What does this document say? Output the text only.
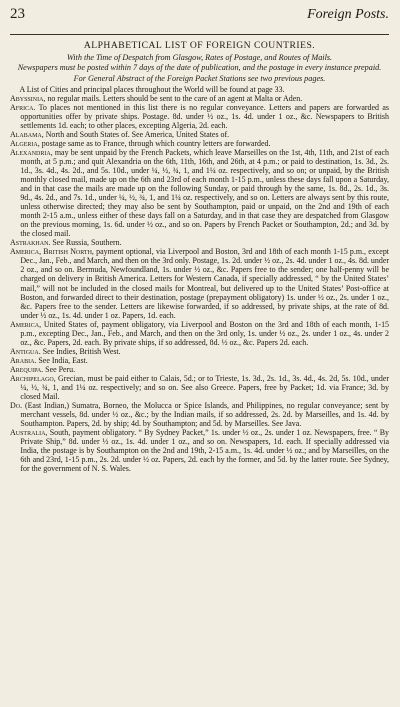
23	Foreign Posts.
ALPHABETICAL LIST OF FOREIGN COUNTRIES.
With the Time of Despatch from Glasgow, Rates of Postage, and Routes of Mails.
Newspapers must be posted within 7 days of the date of publication, and the postage in every instance prepaid.
For General Abstract of the Foreign Packet Stations see two previous pages.
A List of Cities and principal places throughout the World will be found at page 33.
Abyssinia, no regular mails. Letters should be sent to the care of an agent at Malta or Aden.
Africa. To places not mentioned in this list there is no regular conveyance. Letters and papers are forwarded as opportunities offer by private ships. Postage. 8d. under ½ oz., 1s. 4d. under 1 oz., &c. Newspapers to British settlements 1d. each; to other places, excepting Algeria, 2d. each.
Alabama, North and South States of. See America, United States of.
Algeria, postage same as to France, through which country letters are forwarded.
Alexandria, may be sent unpaid by the French Packets, which leave Marseilles on the 1st, 4th, 11th, and 21st of each month, at 5 p.m.; and quit Alexandria on the 6th, 11th, 16th, and 26th, at 4 p.m.; or paid to destination, 1s. 3d., 2s. 1d., 3s. 4d., 4s. 2d., and 5s. 10d., under ¼, ½, ¾, 1, and 1¼ oz. respectively, and so on; or unpaid, by the British monthly closed mail, made up on the 6th and 23rd of each month 1-15 p.m., unless these days fall upon a Saturday, and in that case the mails are made up on the following Sunday, or paid through by the same, 1s. 8d., 2s. 1d., 3s. 9d., 4s. 2d., and 7s. 1d., under ¼, ½, ¾, 1, and 1¼ oz. respectively, and so on. Letters are always sent by this route, unless otherwise directed; they may also be sent by Southampton, paid or unpaid, on the 2nd and 19th of each month 2-15 a.m., unless either of these days fall on a Saturday, and in that case they are despatched from Glasgow on the previous morning, 1s. 6d. under ½ oz., and so on. Papers by French Packet or Southampton, 2d.; and 3d. by the closed mail.
Astrakhan. See Russia, Southern.
America, British North, payment optional, via Liverpool and Boston, 3rd and 18th of each month 1-15 p.m., except Dec., Jan., Feb., and March, and then on the 3rd only. Postage, 1s. 2d. under ½ oz., 2s. 4d. under 1 oz., 4s. 8d. under 2 oz., and so on. Bermuda, Newfoundland, 1s. under ½ oz., &c. Papers free to the sender; one half-penny will be charged on delivery in British America. Letters for Western Canada, if specially addressed, “ by the United States’ mail,” will not be included in the closed mails for Montreal, but delivered up to the United States’ Post-office at Boston, and forwarded direct to their destination, postage (prepayment obligatory) 1s. under ½ oz., 2s. under 1 oz., &c. Papers free to the sender. Letters are likewise forwarded, if so addressed, by private ships, at the rate of 8d. under ½ oz., 1s. 4d. under 1 oz. Papers, 1d. each.
America, United States of, payment obligatory, via Liverpool and Boston on the 3rd and 18th of each month, 1-15 p.m., excepting Dec., Jan., Feb., and March, and then on the 3rd only, 1s. under ½ oz., 2s. under 1 oz., 4s. under 2 oz., &c. Papers, 2d. each. By private ships, if so addressed, 8d. ½ oz., &c. Papers 2d. each.
Antigua. See Indies, British West.
Arabia. See India, East.
Arequipa. See Peru.
Archipelago, Grecian, must be paid either to Calais, 5d.; or to Trieste, 1s. 3d., 2s. 1d., 3s. 4d., 4s. 2d, 5s. 10d., under ¼, ½, ¾, 1, and 1¼ oz. respectively; and so on. See also Greece. Papers, free by Packet; 1d. via France; 3d. by closed Mail.
Do. (East Indian,) Sumatra, Borneo, the Molucca or Spice Islands, and Philippines, no regular conveyance; sent by merchant vessels, 8d. under ½ oz., &c.; by the Indian mails, if so addressed, 2s. 2d. by Marseilles, and 1s. 4d. by Southampton. Papers, 2d. by ship; 4d. by Southampton; and 5d. by Marseilles. See Java.
Australia, South, payment obligatory. “ By Sydney Packet,” 1s. under ½ oz., 2s. under 1 oz. Newspapers, free. “ By Private Ship,” 8d. under ½ oz., 1s. 4d. under 1 oz., and so on. Newspapers, 1d. each. If specially addressed via India, the postage is by Southampton on the 2nd and 19th, 2-15 a.m., 1s. 4d. under ½ oz.; and by Marseilles, on the 6th and 23rd, 1-15 p.m., 2s. 2d. under ½ oz. Papers, 2d. each by the former, and 5d. by the latter route. See Sydney, for the government of N. S. Wales.
